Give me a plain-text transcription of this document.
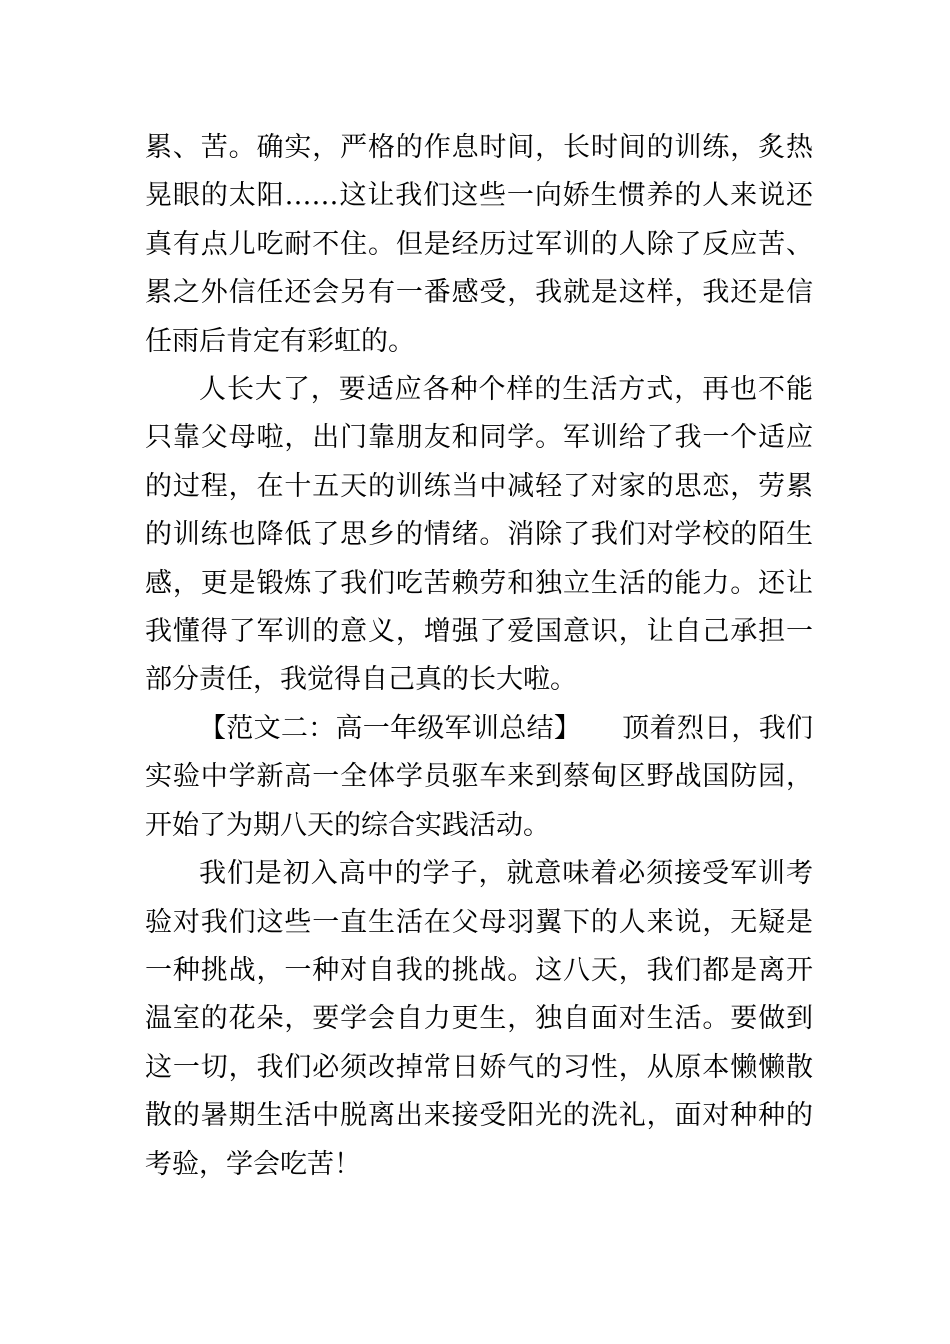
累、苦。确实，严格的作息时间，长时间的训练，炙热晃眼的太阳……这让我们这些一向娇生惯养的人来说还真有点儿吃耐不住。但是经历过军训的人除了反应苦、累之外信任还会另有一番感受，我就是这样，我还是信任雨后肯定有彩虹的。

人长大了，要适应各种个样的生活方式，再也不能只靠父母啦，出门靠朋友和同学。军训给了我一个适应的过程，在十五天的训练当中减轻了对家的思恋，劳累的训练也降低了思乡的情绪。消除了我们对学校的陌生感，更是锻炼了我们吃苦赖劳和独立生活的能力。还让我懂得了军训的意义，增强了爱国意识，让自己承担一部分责任，我觉得自己真的长大啦。

【范文二：高一年级军训总结】　　顶着烈日，我们实验中学新高一全体学员驱车来到蔡甸区野战国防园，开始了为期八天的综合实践活动。

我们是初入高中的学子，就意味着必须接受军训考验对我们这些一直生活在父母羽翼下的人来说，无疑是一种挑战，一种对自我的挑战。这八天，我们都是离开温室的花朵，要学会自力更生，独自面对生活。要做到这一切，我们必须改掉常日娇气的习性，从原本懒懒散散的暑期生活中脱离出来接受阳光的洗礼，面对种种的考验，学会吃苦！
